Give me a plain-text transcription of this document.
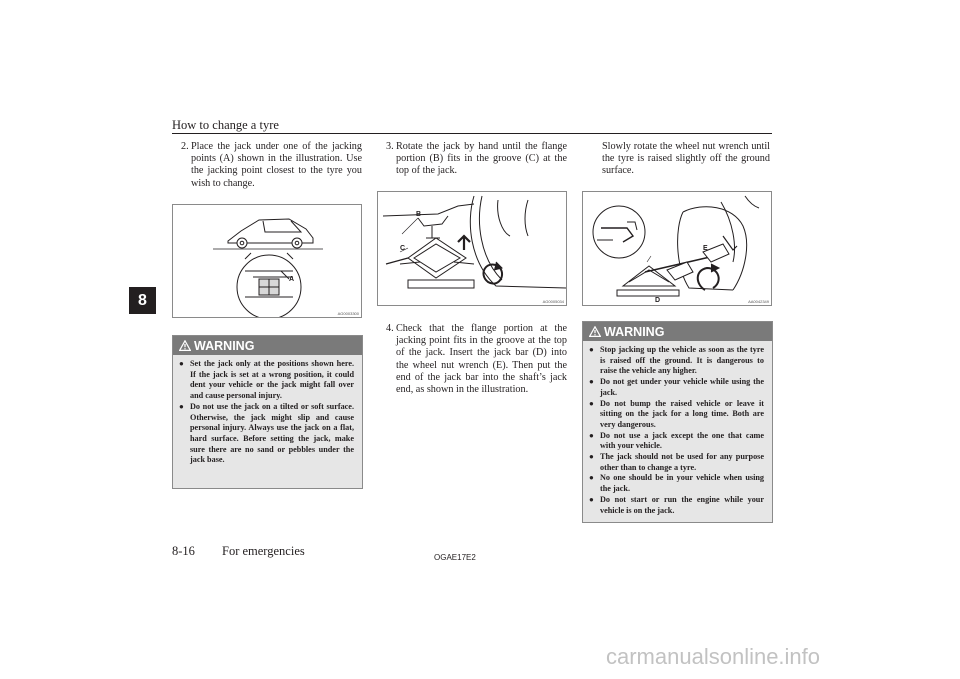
How to change a tyre
8
2. Place the jack under one of the jacking points (A) shown in the illustration. Use the jacking point closest to the tyre you wish to change.
A
AG0003300
WARNING
● Set the jack only at the positions shown here. If the jack is set at a wrong position, it could dent your vehicle or the jack might fall over and cause personal injury.
● Do not use the jack on a tilted or soft surface. Otherwise, the jack might slip and cause personal injury. Always use the jack on a flat, hard surface. Before setting the jack, make sure there are no sand or pebbles under the jack base.
3. Rotate the jack by hand until the flange portion (B) fits in the groove (C) at the top of the jack.
B
C
AG0005034
4. Check that the flange portion at the jacking point fits in the groove at the top of the jack. Insert the jack bar (D) into the wheel nut wrench (E). Then put the end of the jack bar into the shaft’s jack end, as shown in the illustration.
Slowly rotate the wheel nut wrench until the tyre is raised slightly off the ground surface.
E
D	AA0042349
WARNING
● Stop jacking up the vehicle as soon as the tyre is raised off the ground. It is dangerous to raise the vehicle any higher.
● Do not get under your vehicle while using the jack.
● Do not bump the raised vehicle or leave it sitting on the jack for a long time. Both are very dangerous.
● Do not use a jack except the one that came with your vehicle.
● The jack should not be used for any purpose other than to change a tyre.
● No one should be in your vehicle when using the jack.
● Do not start or run the engine while your vehicle is on the jack.
8-16 For emergencies	OGAE17E2
carmanualsonline.info
